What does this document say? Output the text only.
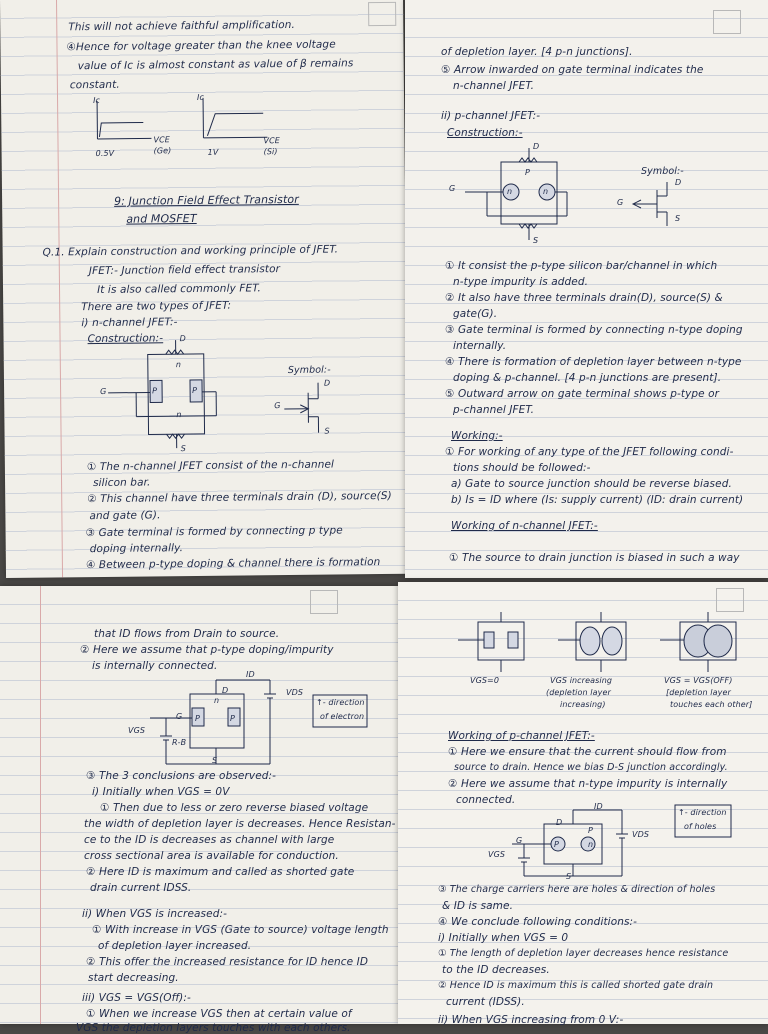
This will not achieve faithful amplification.
④Hence for voltage greater than the knee voltage
value of Ic is almost constant as value of β remains
constant.
Ic	Ic
VCE
(Ge)
VCE
(Si)
0.5V	1V
9: Junction Field Effect Transistor
and MOSFET
Q.1. Explain construction and working principle of JFET.
JFET:- Junction field effect transistor
It is also called commonly FET.
There are two types of JFET:
i) n-channel JFET:-
Construction:- D
G
S
n
n
P	P
Symbol:-
D
G
S
① The n-channel JFET consist of the n-channel
silicon bar.
② This channel have three terminals drain (D), source(S)
and gate (G).
③ Gate terminal is formed by connecting p type
doping internally.
④ Between p-type doping & channel there is formation
of depletion layer. [4 p-n junctions].
⑤ Arrow inwarded on gate terminal indicates the
n-channel JFET.
ii) p-channel JFET:-
Construction:-
D
G
S
P
n	n
Symbol:-
D
G
S
① It consist the p-type silicon bar/channel in which
n-type impurity is added.
② It also have three terminals drain(D), source(S) &
gate(G).
③ Gate terminal is formed by connecting n-type doping
internally.
④ There is formation of depletion layer between n-type
doping & p-channel. [4 p-n junctions are present].
⑤ Outward arrow on gate terminal shows p-type or
p-channel JFET.
Working:-
① For working of any type of the JFET following condi-
tions should be followed:-
a) Gate to source junction should be reverse biased.
b) Is = ID where (Is: supply current) (ID: drain current)
Working of n-channel JFET:-
① The source to drain junction is biased in such a way
that ID flows from Drain to source.
② Here we assume that p-type doping/impurity
is internally connected.
ID
D
G
S
n
P	P
VGS
VDS
R-B
↑- direction
of electron
③ The 3 conclusions are observed:-
i) Initially when VGS = 0V
① Then due to less or zero reverse biased voltage
the width of depletion layer is decreases. Hence Resistan-
ce to the ID is decreases as channel with large
cross sectional area is available for conduction.
② Here ID is maximum and called as shorted gate
drain current IDSS.
ii) When VGS is increased:-
① With increase in VGS (Gate to source) voltage length
of depletion layer increased.
② This offer the increased resistance for ID hence ID
start decreasing.
iii) VGS = VGS(Off):-
① When we increase VGS then at certain value of
VGS the depletion layers touches with each others.
VGS=0	VGS increasing
(depletion layer
increasing)
VGS = VGS(OFF)
[depletion layer
touches each other]
Working of p-channel JFET:-
① Here we ensure that the current should flow from
source to drain. Hence we bias D-S junction accordingly.
② Here we assume that n-type impurity is internally
connected.
ID
D
G
S
P
P
n
VDS
VGS
↑- direction
of holes
③ The charge carriers here are holes & direction of holes
& ID is same.
④ We conclude following conditions:-
i) Initially when VGS = 0
① The length of depletion layer decreases hence resistance
to the ID decreases.
② Hence ID is maximum this is called shorted gate drain
current (IDSS).
ii) When VGS increasing from 0 V:-
